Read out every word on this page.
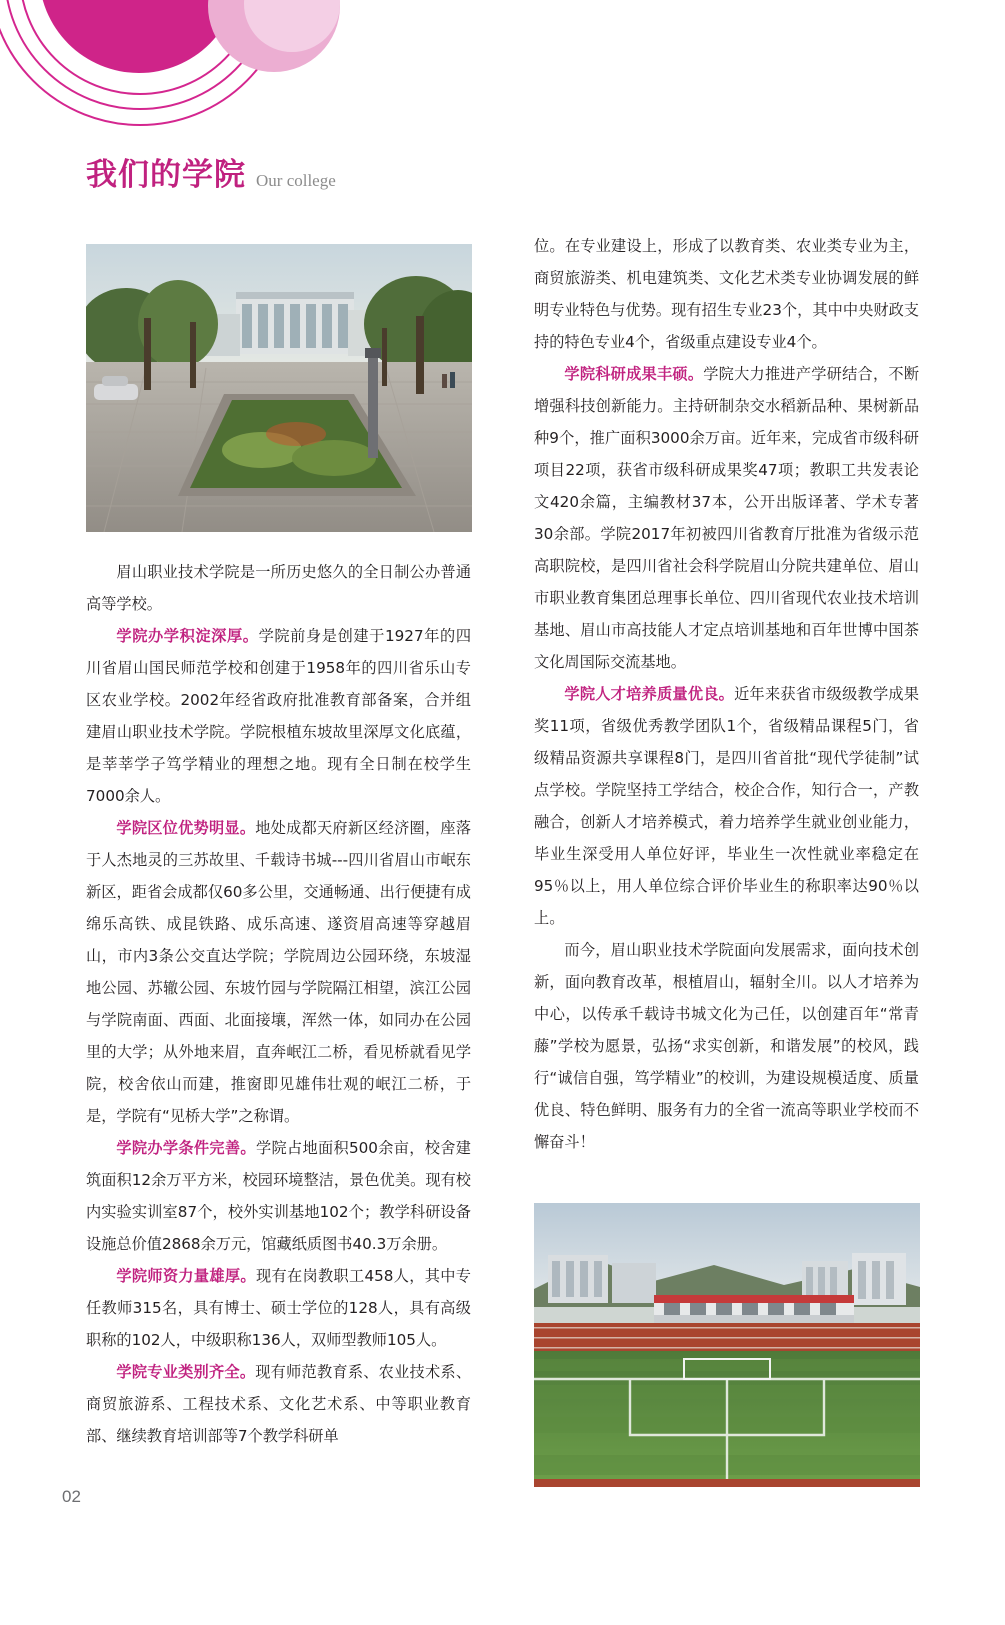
我们的学院 Our college

眉山职业技术学院是一所历史悠久的全日制公办普通高等学校。

学院办学积淀深厚。学院前身是创建于1927年的四川省眉山国民师范学校和创建于1958年的四川省乐山专区农业学校。2002年经省政府批准教育部备案，合并组建眉山职业技术学院。学院根植东坡故里深厚文化底蕴，是莘莘学子笃学精业的理想之地。现有全日制在校学生7000余人。

学院区位优势明显。地处成都天府新区经济圈，座落于人杰地灵的三苏故里、千载诗书城---四川省眉山市岷东新区，距省会成都仅60多公里，交通畅通、出行便捷有成绵乐高铁、成昆铁路、成乐高速、遂资眉高速等穿越眉山，市内3条公交直达学院；学院周边公园环绕，东坡湿地公园、苏辙公园、东坡竹园与学院隔江相望，滨江公园与学院南面、西面、北面接壤，浑然一体，如同办在公园里的大学；从外地来眉，直奔岷江二桥，看见桥就看见学院，校舍依山而建，推窗即见雄伟壮观的岷江二桥，于是，学院有“见桥大学”之称谓。

学院办学条件完善。学院占地面积500余亩，校舍建筑面积12余万平方米，校园环境整洁，景色优美。现有校内实验实训室87个，校外实训基地102个；教学科研设备设施总价值2868余万元，馆藏纸质图书40.3万余册。

学院师资力量雄厚。现有在岗教职工458人，其中专任教师315名，具有博士、硕士学位的128人，具有高级职称的102人，中级职称136人，双师型教师105人。

学院专业类别齐全。现有师范教育系、农业技术系、商贸旅游系、工程技术系、文化艺术系、中等职业教育部、继续教育培训部等7个教学科研单

位。在专业建设上，形成了以教育类、农业类专业为主，商贸旅游类、机电建筑类、文化艺术类专业协调发展的鲜明专业特色与优势。现有招生专业23个，其中中央财政支持的特色专业4个，省级重点建设专业4个。

学院科研成果丰硕。学院大力推进产学研结合，不断增强科技创新能力。主持研制杂交水稻新品种、果树新品种9个，推广面积3000余万亩。近年来，完成省市级科研项目22项，获省市级科研成果奖47项；教职工共发表论文420余篇，主编教材37本，公开出版译著、学术专著30余部。学院2017年初被四川省教育厅批准为省级示范高职院校，是四川省社会科学院眉山分院共建单位、眉山市职业教育集团总理事长单位、四川省现代农业技术培训基地、眉山市高技能人才定点培训基地和百年世博中国茶文化周国际交流基地。

学院人才培养质量优良。近年来获省市级级教学成果奖11项，省级优秀教学团队1个，省级精品课程5门，省级精品资源共享课程8门，是四川省首批“现代学徒制”试点学校。学院坚持工学结合，校企合作，知行合一，产教融合，创新人才培养模式，着力培养学生就业创业能力，毕业生深受用人单位好评，毕业生一次性就业率稳定在95％以上，用人单位综合评价毕业生的称职率达90％以上。

而今，眉山职业技术学院面向发展需求，面向技术创新，面向教育改革，根植眉山，辐射全川。以人才培养为中心，以传承千载诗书城文化为己任，以创建百年“常青藤”学校为愿景，弘扬“求实创新，和谐发展”的校风，践行“诚信自强，笃学精业”的校训，为建设规模适度、质量优良、特色鲜明、服务有力的全省一流高等职业学校而不懈奋斗！

02
